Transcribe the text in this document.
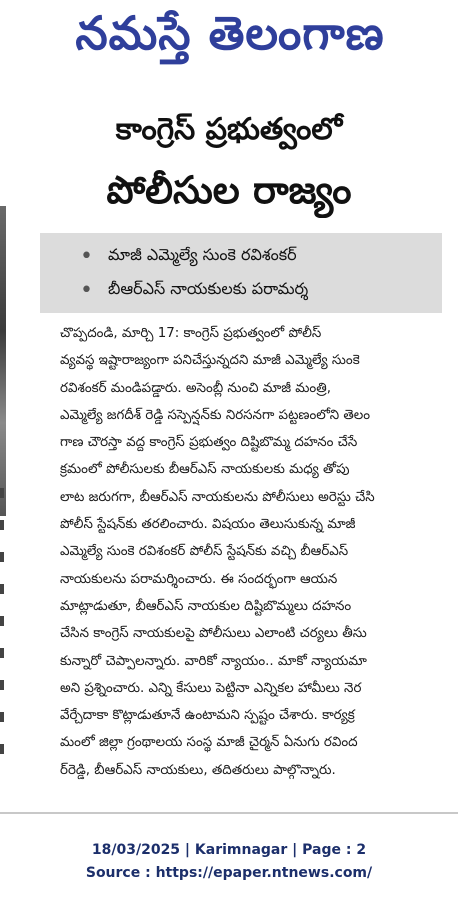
నమస్తే తెలంగాణ
కాంగ్రెస్ ప్రభుత్వంలో
పోలీసుల రాజ్యం
• మాజీ ఎమ్మెల్యే సుంకె రవిశంకర్
• బీఆర్ఎస్ నాయకులకు పరామర్శ
చొప్పదండి, మార్చి 17: కాంగ్రెస్ ప్రభుత్వంలో పోలీస్
వ్యవస్థ ఇష్టారాజ్యంగా పనిచేస్తున్నదని మాజీ ఎమ్మెల్యే సుంకె
రవిశంకర్ మండిపడ్డారు. అసెంబ్లీ నుంచి మాజీ మంత్రి,
ఎమ్మెల్యే జగదీశ్ రెడ్డి సస్పెన్షన్‌కు నిరసనగా పట్టణంలోని తెలం
గాణ చౌరస్తా వద్ద కాంగ్రెస్ ప్రభుత్వం దిష్టిబొమ్మ దహనం చేసే
క్రమంలో పోలీసులకు బీఆర్ఎస్ నాయకులకు మధ్య తోపు
లాట జరుగగా, బీఆర్ఎస్ నాయకులను పోలీసులు అరెస్టు చేసి
పోలీస్ స్టేషన్‌కు తరలించారు. విషయం తెలుసుకున్న మాజీ
ఎమ్మెల్యే సుంకె రవిశంకర్ పోలీస్ స్టేషన్‌కు వచ్చి బీఆర్ఎస్
నాయకులను పరామర్శించారు. ఈ సందర్భంగా ఆయన
మాట్లాడుతూ, బీఆర్ఎస్ నాయకుల దిష్టిబొమ్మలు దహనం
చేసిన కాంగ్రెస్ నాయకులపై పోలీసులు ఎలాంటి చర్యలు తీసు
కున్నారో చెప్పాలన్నారు. వారికో న్యాయం.. మాకో న్యాయమా
అని ప్రశ్నించారు. ఎన్ని కేసులు పెట్టినా ఎన్నికల హామీలు నెర
వేర్చేదాకా కొట్లాడుతూనే ఉంటామని స్పష్టం చేశారు. కార్యక్ర
మంలో జిల్లా గ్రంథాలయ సంస్థ మాజీ చైర్మన్ ఏనుగు రవింద
ర్‌రెడ్డి, బీఆర్ఎస్ నాయకులు, తదితరులు పాల్గొన్నారు.
18/03/2025 | Karimnagar | Page : 2
Source : https://epaper.ntnews.com/
